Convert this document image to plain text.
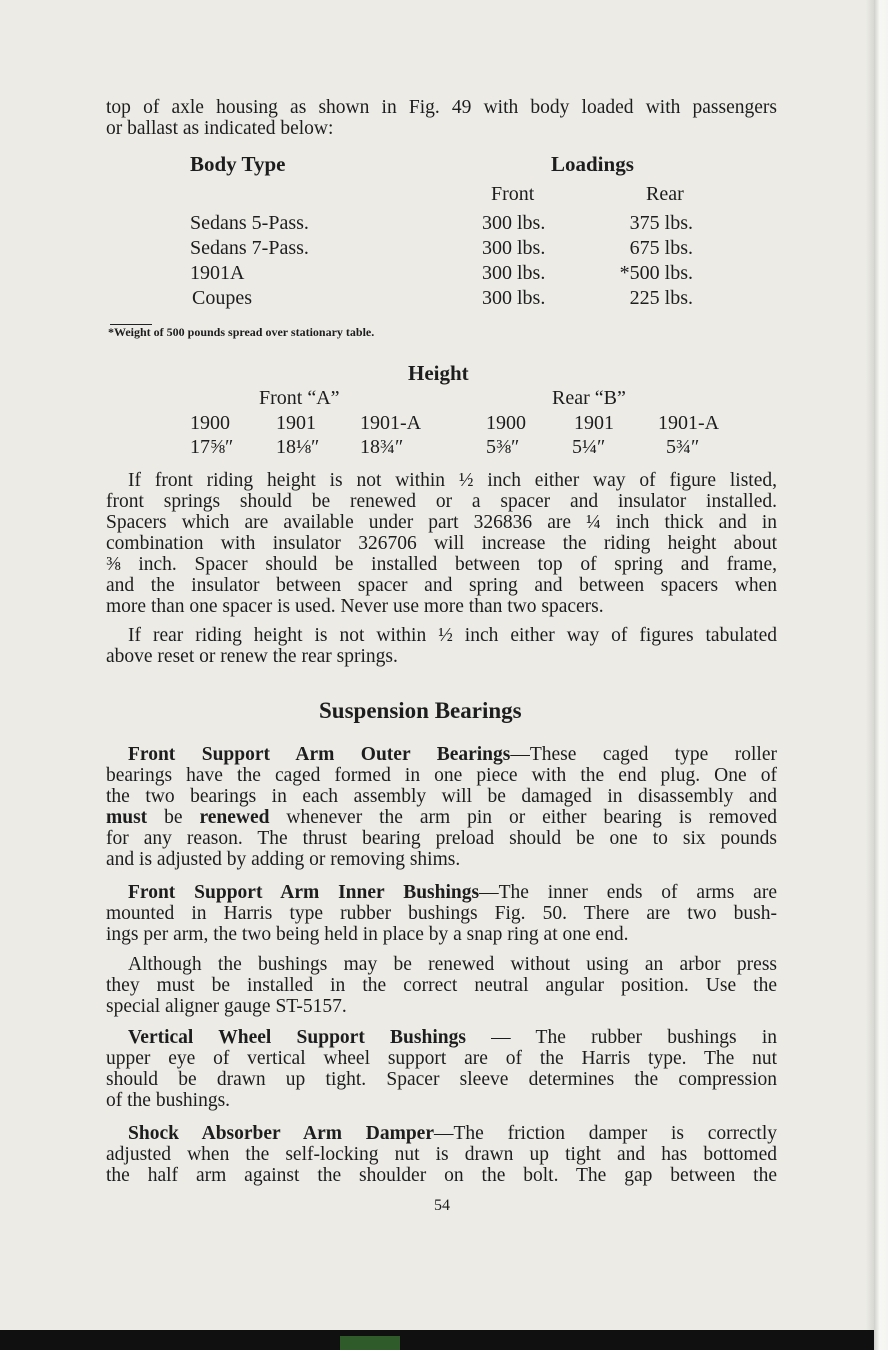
top of axle housing as shown in Fig. 49 with body loaded with passengers
or ballast as indicated below:
Body Type	Loadings
Front	Rear
Sedans 5-Pass.	300 lbs.	375 lbs.
Sedans 7-Pass.	300 lbs.	675 lbs.
1901A	300 lbs.	*500 lbs.
Coupes	300 lbs.	225 lbs.
*Weight of 500 pounds spread over stationary table.
Height
Front “A”	Rear “B”
1900 1901 1901-A	1900 1901 1901-A
17⅝″ 18⅛″ 18¾″	5⅜″	5¼″	5¾″
If front riding height is not within ½ inch either way of figure listed,
front springs should be renewed or a spacer and insulator installed.
Spacers which are available under part 326836 are ¼ inch thick and in
combination with insulator 326706 will increase the riding height about
⅜ inch. Spacer should be installed between top of spring and frame,
and the insulator between spacer and spring and between spacers when
more than one spacer is used. Never use more than two spacers.
If rear riding height is not within ½ inch either way of figures tabulated
above reset or renew the rear springs.
Suspension Bearings
Front Support Arm Outer Bearings—These caged type roller
bearings have the caged formed in one piece with the end plug. One of
the two bearings in each assembly will be damaged in disassembly and
must be renewed whenever the arm pin or either bearing is removed
for any reason. The thrust bearing preload should be one to six pounds
and is adjusted by adding or removing shims.
Front Support Arm Inner Bushings—The inner ends of arms are
mounted in Harris type rubber bushings Fig. 50. There are two bush-
ings per arm, the two being held in place by a snap ring at one end.
Although the bushings may be renewed without using an arbor press
they must be installed in the correct neutral angular position. Use the
special aligner gauge ST-5157.
Vertical Wheel Support Bushings — The rubber bushings in
upper eye of vertical wheel support are of the Harris type. The nut
should be drawn up tight. Spacer sleeve determines the compression
of the bushings.
Shock Absorber Arm Damper—The friction damper is correctly
adjusted when the self-locking nut is drawn up tight and has bottomed
the half arm against the shoulder on the bolt. The gap between the
54
